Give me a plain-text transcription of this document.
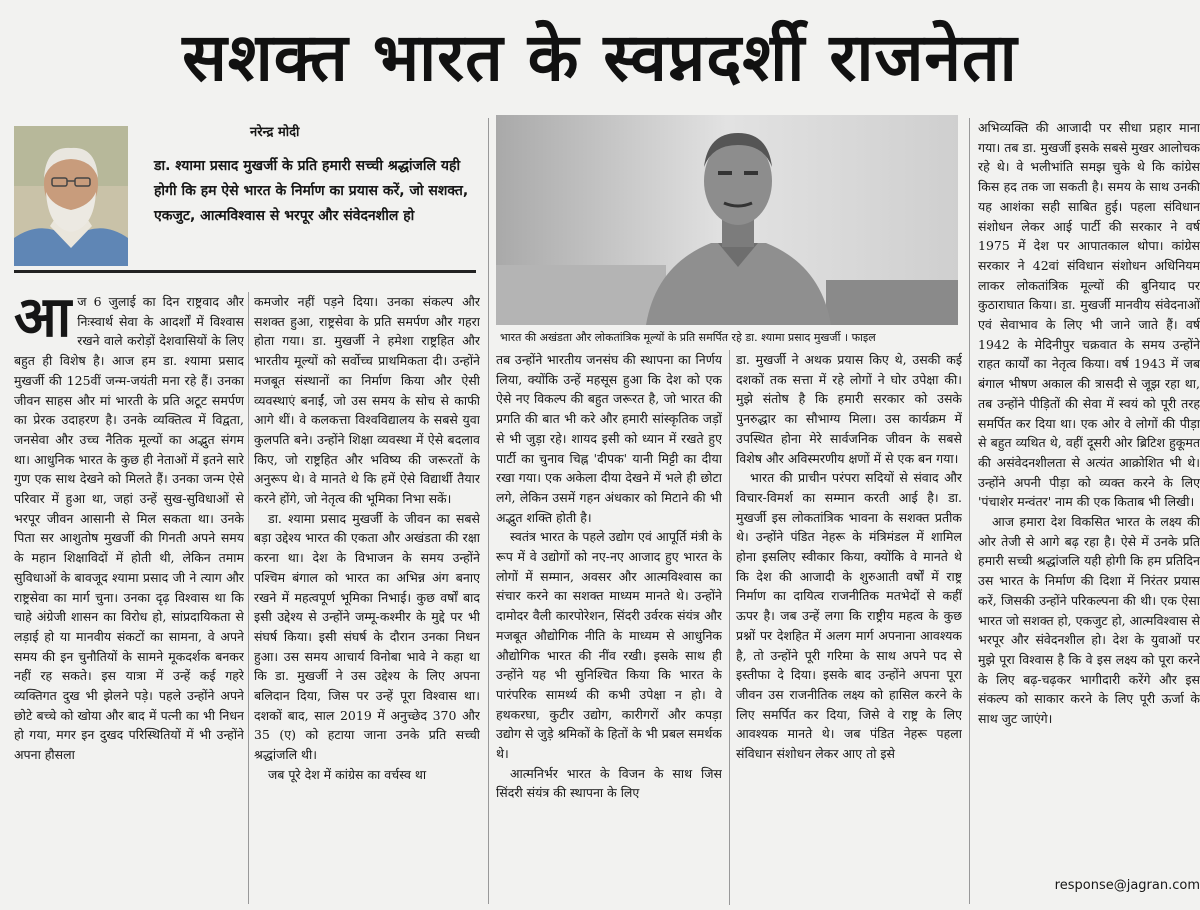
सशक्त भारत के स्वप्नदर्शी राजनेता
नरेन्द्र मोदी
डा. श्यामा प्रसाद मुखर्जी के प्रति हमारी सच्ची श्रद्धांजलि यही होगी कि हम ऐसे भारत के निर्माण का प्रयास करें, जो सशक्त, एकजुट, आत्मविश्वास से भरपूर और संवेदनशील हो

आज 6 जुलाई का दिन राष्ट्रवाद और निःस्वार्थ सेवा के आदर्शों में विश्वास रखने वाले करोड़ों देशवासियों के लिए बहुत ही विशेष है। आज हम डा. श्यामा प्रसाद मुखर्जी की 125वीं जन्म-जयंती मना रहे हैं। उनका जीवन साहस और मां भारती के प्रति अटूट समर्पण का प्रेरक उदाहरण है। उनके व्यक्तित्व में विद्वता, जनसेवा और उच्च नैतिक मूल्यों का अद्भुत संगम था। आधुनिक भारत के कुछ ही नेताओं में इतने सारे गुण एक साथ देखने को मिलते हैं। उनका जन्म ऐसे परिवार में हुआ था, जहां उन्हें सुख-सुविधाओं से भरपूर जीवन आसानी से मिल सकता था। उनके पिता सर आशुतोष मुखर्जी की गिनती अपने समय के महान शिक्षाविदों में होती थी, लेकिन तमाम सुविधाओं के बावजूद श्यामा प्रसाद जी ने त्याग और राष्ट्रसेवा का मार्ग चुना। उनका दृढ़ विश्वास था कि चाहे अंग्रेजी शासन का विरोध हो, सांप्रदायिकता से लड़ाई हो या मानवीय संकटों का सामना, वे अपने समय की इन चुनौतियों के सामने मूकदर्शक बनकर नहीं रह सकते। इस यात्रा में उन्हें कई गहरे व्यक्तिगत दुख भी झेलने पड़े। पहले उन्होंने अपने छोटे बच्चे को खोया और बाद में पत्नी का भी निधन हो गया, मगर इन दुखद परिस्थितियों में भी उन्होंने अपना हौसला

कमजोर नहीं पड़ने दिया। उनका संकल्प और सशक्त हुआ, राष्ट्रसेवा के प्रति समर्पण और गहरा होता गया। डा. मुखर्जी ने हमेशा राष्ट्रहित और भारतीय मूल्यों को सर्वोच्च प्राथमिकता दी। उन्होंने मजबूत संस्थानों का निर्माण किया और ऐसी व्यवस्थाएं बनाईं, जो उस समय के सोच से काफी आगे थीं। वे कलकत्ता विश्वविद्यालय के सबसे युवा कुलपति बने। उन्होंने शिक्षा व्यवस्था में ऐसे बदलाव किए, जो राष्ट्रहित और भविष्य की जरूरतों के अनुरूप थे। वे मानते थे कि हमें ऐसे विद्यार्थी तैयार करने होंगे, जो नेतृत्व की भूमिका निभा सकें।

डा. श्यामा प्रसाद मुखर्जी के जीवन का सबसे बड़ा उद्देश्य भारत की एकता और अखंडता की रक्षा करना था। देश के विभाजन के समय उन्होंने पश्चिम बंगाल को भारत का अभिन्न अंग बनाए रखने में महत्वपूर्ण भूमिका निभाई। कुछ वर्षों बाद इसी उद्देश्य से उन्होंने जम्मू-कश्मीर के मुद्दे पर भी संघर्ष किया। इसी संघर्ष के दौरान उनका निधन हुआ। उस समय आचार्य विनोबा भावे ने कहा था कि डा. मुखर्जी ने उस उद्देश्य के लिए अपना बलिदान दिया, जिस पर उन्हें पूरा विश्वास था। दशकों बाद, साल 2019 में अनुच्छेद 370 और 35 (ए) को हटाया जाना उनके प्रति सच्ची श्रद्धांजलि थी।

जब पूरे देश में कांग्रेस का वर्चस्व था

भारत की अखंडता और लोकतांत्रिक मूल्यों के प्रति समर्पित रहे डा. श्यामा प्रसाद मुखर्जी । फाइल

तब उन्होंने भारतीय जनसंघ की स्थापना का निर्णय लिया, क्योंकि उन्हें महसूस हुआ कि देश को एक ऐसे नए विकल्प की बहुत जरूरत है, जो भारत की प्रगति की बात भी करे और हमारी सांस्कृतिक जड़ों से भी जुड़ा रहे। शायद इसी को ध्यान में रखते हुए पार्टी का चुनाव चिह्न 'दीपक' यानी मिट्टी का दीया रखा गया। एक अकेला दीया देखने में भले ही छोटा लगे, लेकिन उसमें गहन अंधकार को मिटाने की भी अद्भुत शक्ति होती है।

स्वतंत्र भारत के पहले उद्योग एवं आपूर्ति मंत्री के रूप में वे उद्योगों को नए-नए आजाद हुए भारत के लोगों में सम्मान, अवसर और आत्मविश्वास का संचार करने का सशक्त माध्यम मानते थे। उन्होंने दामोदर वैली कारपोरेशन, सिंदरी उर्वरक संयंत्र और मजबूत औद्योगिक नीति के माध्यम से आधुनिक औद्योगिक भारत की नींव रखी। इसके साथ ही उन्होंने यह भी सुनिश्चित किया कि भारत के पारंपरिक सामर्थ्य की कभी उपेक्षा न हो। वे हथकरघा, कुटीर उद्योग, कारीगरों और कपड़ा उद्योग से जुड़े श्रमिकों के हितों के भी प्रबल समर्थक थे।

आत्मनिर्भर भारत के विजन के साथ जिस सिंदरी संयंत्र की स्थापना के लिए

डा. मुखर्जी ने अथक प्रयास किए थे, उसकी कई दशकों तक सत्ता में रहे लोगों ने घोर उपेक्षा की। मुझे संतोष है कि हमारी सरकार को उसके पुनरुद्धार का सौभाग्य मिला। उस कार्यक्रम में उपस्थित होना मेरे सार्वजनिक जीवन के सबसे विशेष और अविस्मरणीय क्षणों में से एक बन गया।

भारत की प्राचीन परंपरा सदियों से संवाद और विचार-विमर्श का सम्मान करती आई है। डा. मुखर्जी इस लोकतांत्रिक भावना के सशक्त प्रतीक थे। उन्होंने पंडित नेहरू के मंत्रिमंडल में शामिल होना इसलिए स्वीकार किया, क्योंकि वे मानते थे कि देश की आजादी के शुरुआती वर्षों में राष्ट्र निर्माण का दायित्व राजनीतिक मतभेदों से कहीं ऊपर है। जब उन्हें लगा कि राष्ट्रीय महत्व के कुछ प्रश्नों पर देशहित में अलग मार्ग अपनाना आवश्यक है, तो उन्होंने पूरी गरिमा के साथ अपने पद से इस्तीफा दे दिया। इसके बाद उन्होंने अपना पूरा जीवन उस राजनीतिक लक्ष्य को हासिल करने के लिए समर्पित कर दिया, जिसे वे राष्ट्र के लिए आवश्यक मानते थे। जब पंडित नेहरू पहला संविधान संशोधन लेकर आए तो इसे

अभिव्यक्ति की आजादी पर सीधा प्रहार माना गया। तब डा. मुखर्जी इसके सबसे मुखर आलोचक रहे थे। वे भलीभांति समझ चुके थे कि कांग्रेस किस हद तक जा सकती है। समय के साथ उनकी यह आशंका सही साबित हुई। पहला संविधान संशोधन लेकर आई पार्टी की सरकार ने वर्ष 1975 में देश पर आपातकाल थोपा। कांग्रेस सरकार ने 42वां संविधान संशोधन अधिनियम लाकर लोकतांत्रिक मूल्यों की बुनियाद पर कुठाराघात किया। डा. मुखर्जी मानवीय संवेदनाओं एवं सेवाभाव के लिए भी जाने जाते हैं। वर्ष 1942 के मेदिनीपुर चक्रवात के समय उन्होंने राहत कार्यों का नेतृत्व किया। वर्ष 1943 में जब बंगाल भीषण अकाल की त्रासदी से जूझ रहा था, तब उन्होंने पीड़ितों की सेवा में स्वयं को पूरी तरह समर्पित कर दिया था। एक ओर वे लोगों की पीड़ा से बहुत व्यथित थे, वहीं दूसरी ओर ब्रिटिश हुकूमत की असंवेदनशीलता से अत्यंत आक्रोशित भी थे। उन्होंने अपनी पीड़ा को व्यक्त करने के लिए 'पंचाशेर मन्वंतर' नाम की एक किताब भी लिखी।

आज हमारा देश विकसित भारत के लक्ष्य की ओर तेजी से आगे बढ़ रहा है। ऐसे में उनके प्रति हमारी सच्ची श्रद्धांजलि यही होगी कि हम प्रतिदिन उस भारत के निर्माण की दिशा में निरंतर प्रयास करें, जिसकी उन्होंने परिकल्पना की थी। एक ऐसा भारत जो सशक्त हो, एकजुट हो, आत्मविश्वास से भरपूर और संवेदनशील हो। देश के युवाओं पर मुझे पूरा विश्वास है कि वे इस लक्ष्य को पूरा करने के लिए बढ़-चढ़कर भागीदारी करेंगे और इस संकल्प को साकार करने के लिए पूरी ऊर्जा के साथ जुट जाएंगे।

response@jagran.com
